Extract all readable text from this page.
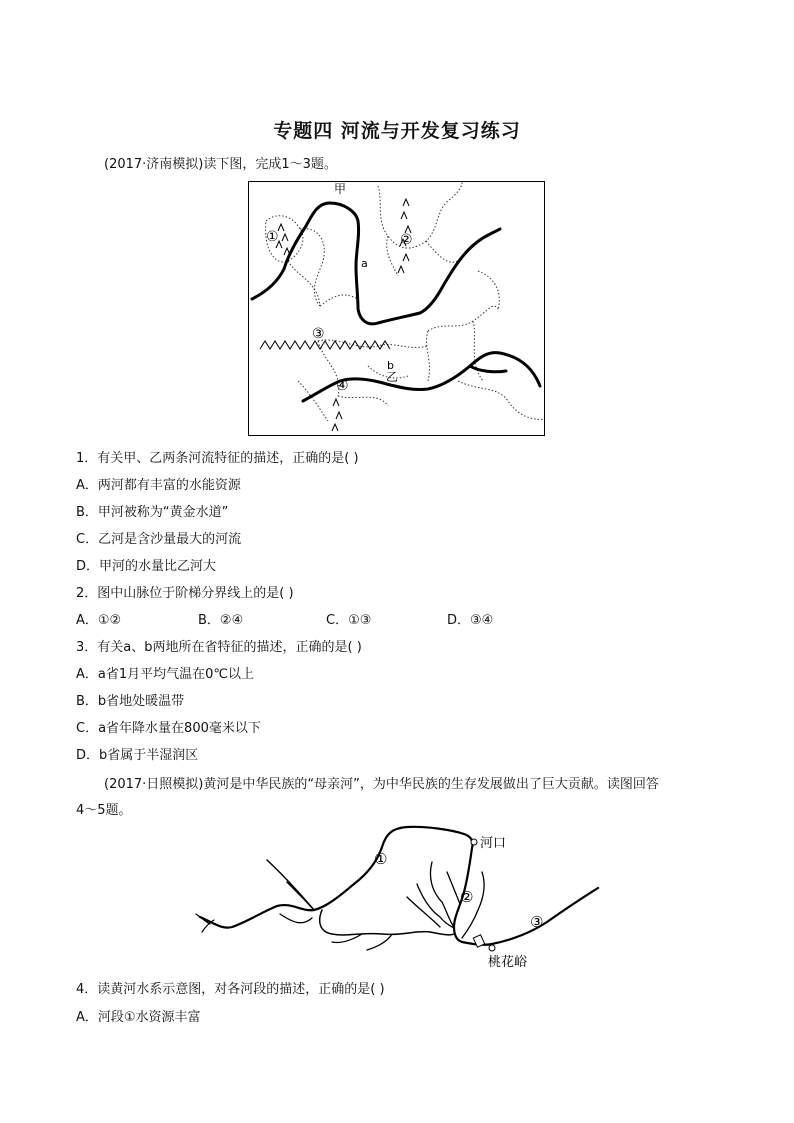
专题四 河流与开发复习练习
(2017·济南模拟)读下图，完成1～3题。
甲
乙
a
b
①	②
③
④
1．有关甲、乙两条河流特征的描述，正确的是( )
A．两河都有丰富的水能资源
B．甲河被称为“黄金水道”
C．乙河是含沙量最大的河流
D．甲河的水量比乙河大
2．图中山脉位于阶梯分界线上的是( )
A．①②	B．②④	C．①③	D．③④
3．有关a、b两地所在省特征的描述，正确的是( )
A．a省1月平均气温在0℃以上
B．b省地处暖温带
C．a省年降水量在800毫米以下
D．b省属于半湿润区
(2017·日照模拟)黄河是中华民族的“母亲河”，为中华民族的生存发展做出了巨大贡献。读图回答
4～5题。
河口
桃花峪
①
②
③
4．读黄河水系示意图，对各河段的描述，正确的是( )
A．河段①水资源丰富
